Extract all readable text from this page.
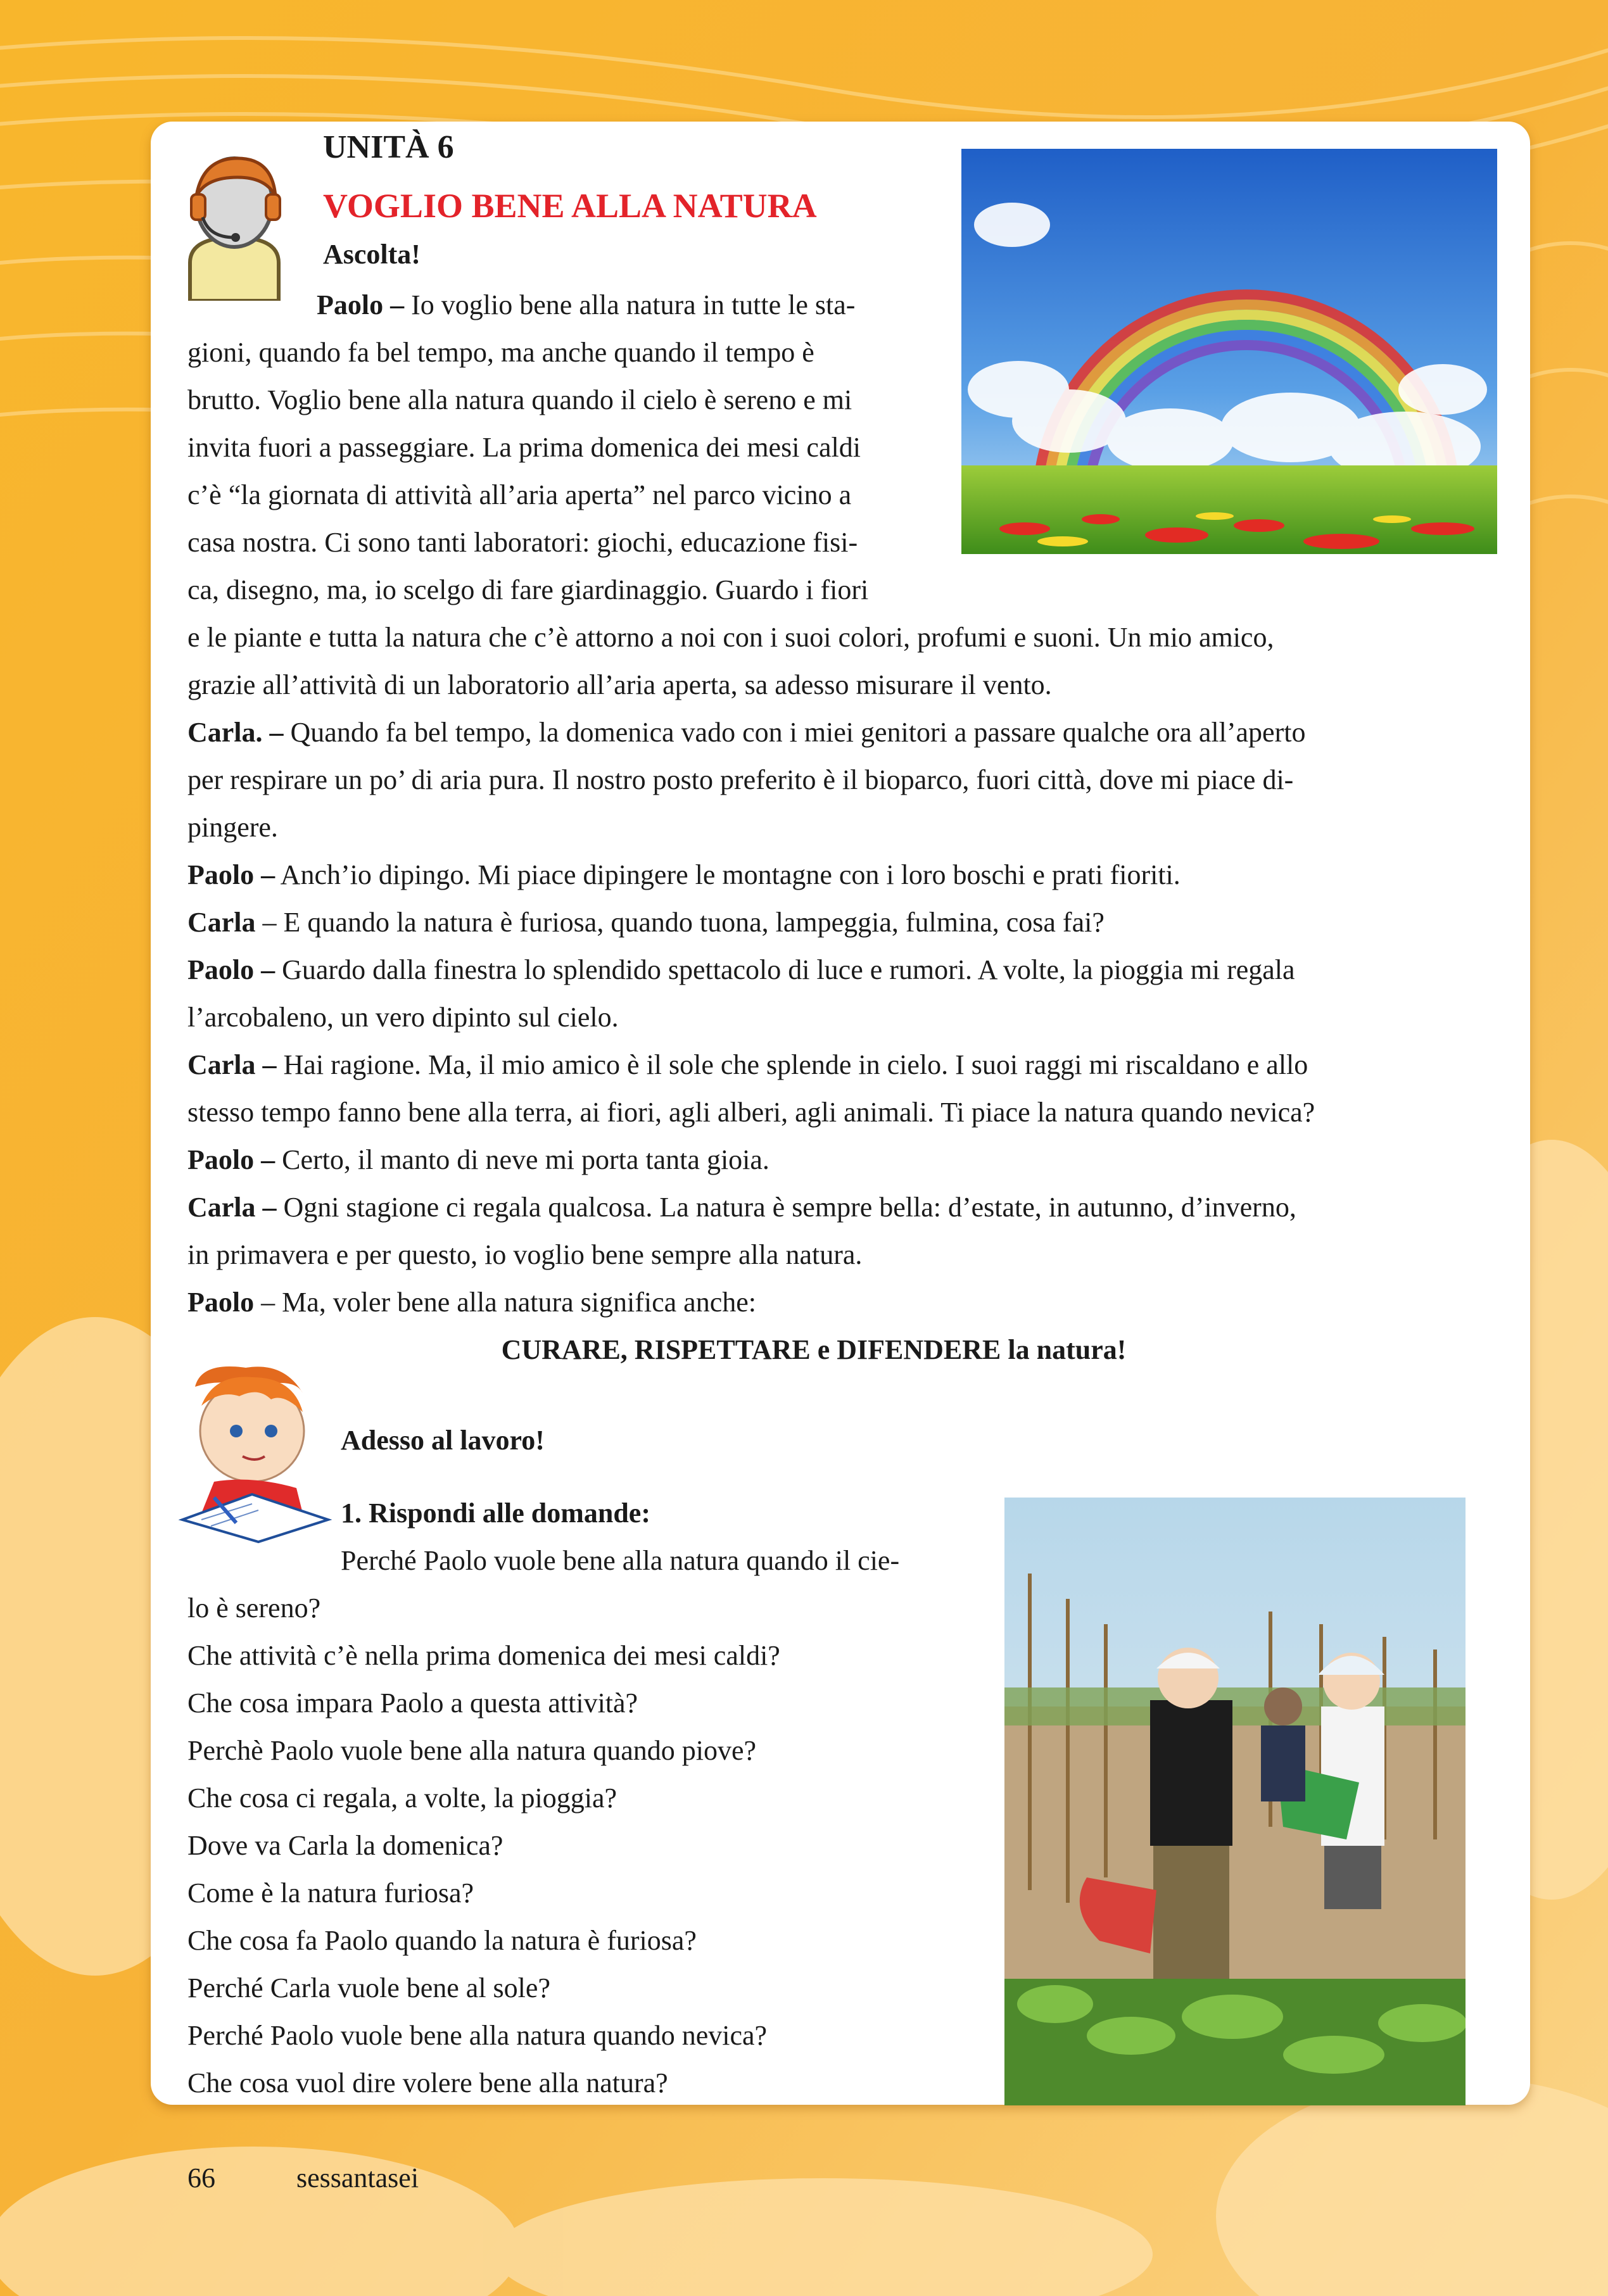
UNITÀ 6
VOGLIO BENE ALLA NATURA
Ascolta!
Paolo – Io voglio bene alla natura in tutte le sta-
gioni, quando fa bel tempo, ma anche quando il tempo è
brutto. Voglio bene alla natura quando il cielo è sereno e mi
invita fuori a passeggiare. La prima domenica dei mesi caldi
c’è “la giornata di attività all’aria aperta” nel parco vicino a
casa nostra. Ci sono tanti laboratori: giochi, educazione fisi-
ca, disegno, ma, io scelgo di fare giardinaggio. Guardo i fiori
e le piante e tutta la natura che c’è attorno a noi con i suoi colori, profumi e suoni. Un mio amico,
grazie all’attività di un laboratorio all’aria aperta, sa adesso misurare il vento.
Carla. – Quando fa bel tempo, la domenica vado con i miei genitori a passare qualche ora all’aperto
per respirare un po’ di aria pura. Il nostro posto preferito è il bioparco, fuori città, dove mi piace di-
pingere.
Paolo – Anch’io dipingo. Mi piace dipingere le montagne con i loro boschi e prati fioriti.
Carla – E quando la natura è furiosa, quando tuona, lampeggia, fulmina, cosa fai?
Paolo – Guardo dalla finestra lo splendido spettacolo di luce e rumori. A volte, la pioggia mi regala
l’arcobaleno, un vero dipinto sul cielo.
Carla – Hai ragione. Ma, il mio amico è il sole che splende in cielo. I suoi raggi mi riscaldano e allo
stesso tempo fanno bene alla terra, ai fiori, agli alberi, agli animali. Ti piace la natura quando nevica?
Paolo – Certo, il manto di neve mi porta tanta gioia.
Carla – Ogni stagione ci regala qualcosa. La natura è sempre bella: d’estate, in autunno, d’inverno,
in primavera e per questo, io voglio bene sempre alla natura.
Paolo – Ma, voler bene alla natura significa anche:
CURARE, RISPETTARE e DIFENDERE la natura!
Adesso al lavoro!
1. Rispondi alle domande:
Perché Paolo vuole bene alla natura quando il cie-
lo è sereno?
Che attività c’è nella prima domenica dei mesi caldi?
Che cosa impara Paolo a questa attività?
Perchè Paolo vuole bene alla natura quando piove?
Che cosa ci regala, a volte, la pioggia?
Dove va Carla la domenica?
Come è la natura furiosa?
Che cosa fa Paolo quando la natura è furiosa?
Perché Carla vuole bene al sole?
Perché Paolo vuole bene alla natura quando nevica?
Che cosa vuol dire volere bene alla natura?
66	sessantasei
